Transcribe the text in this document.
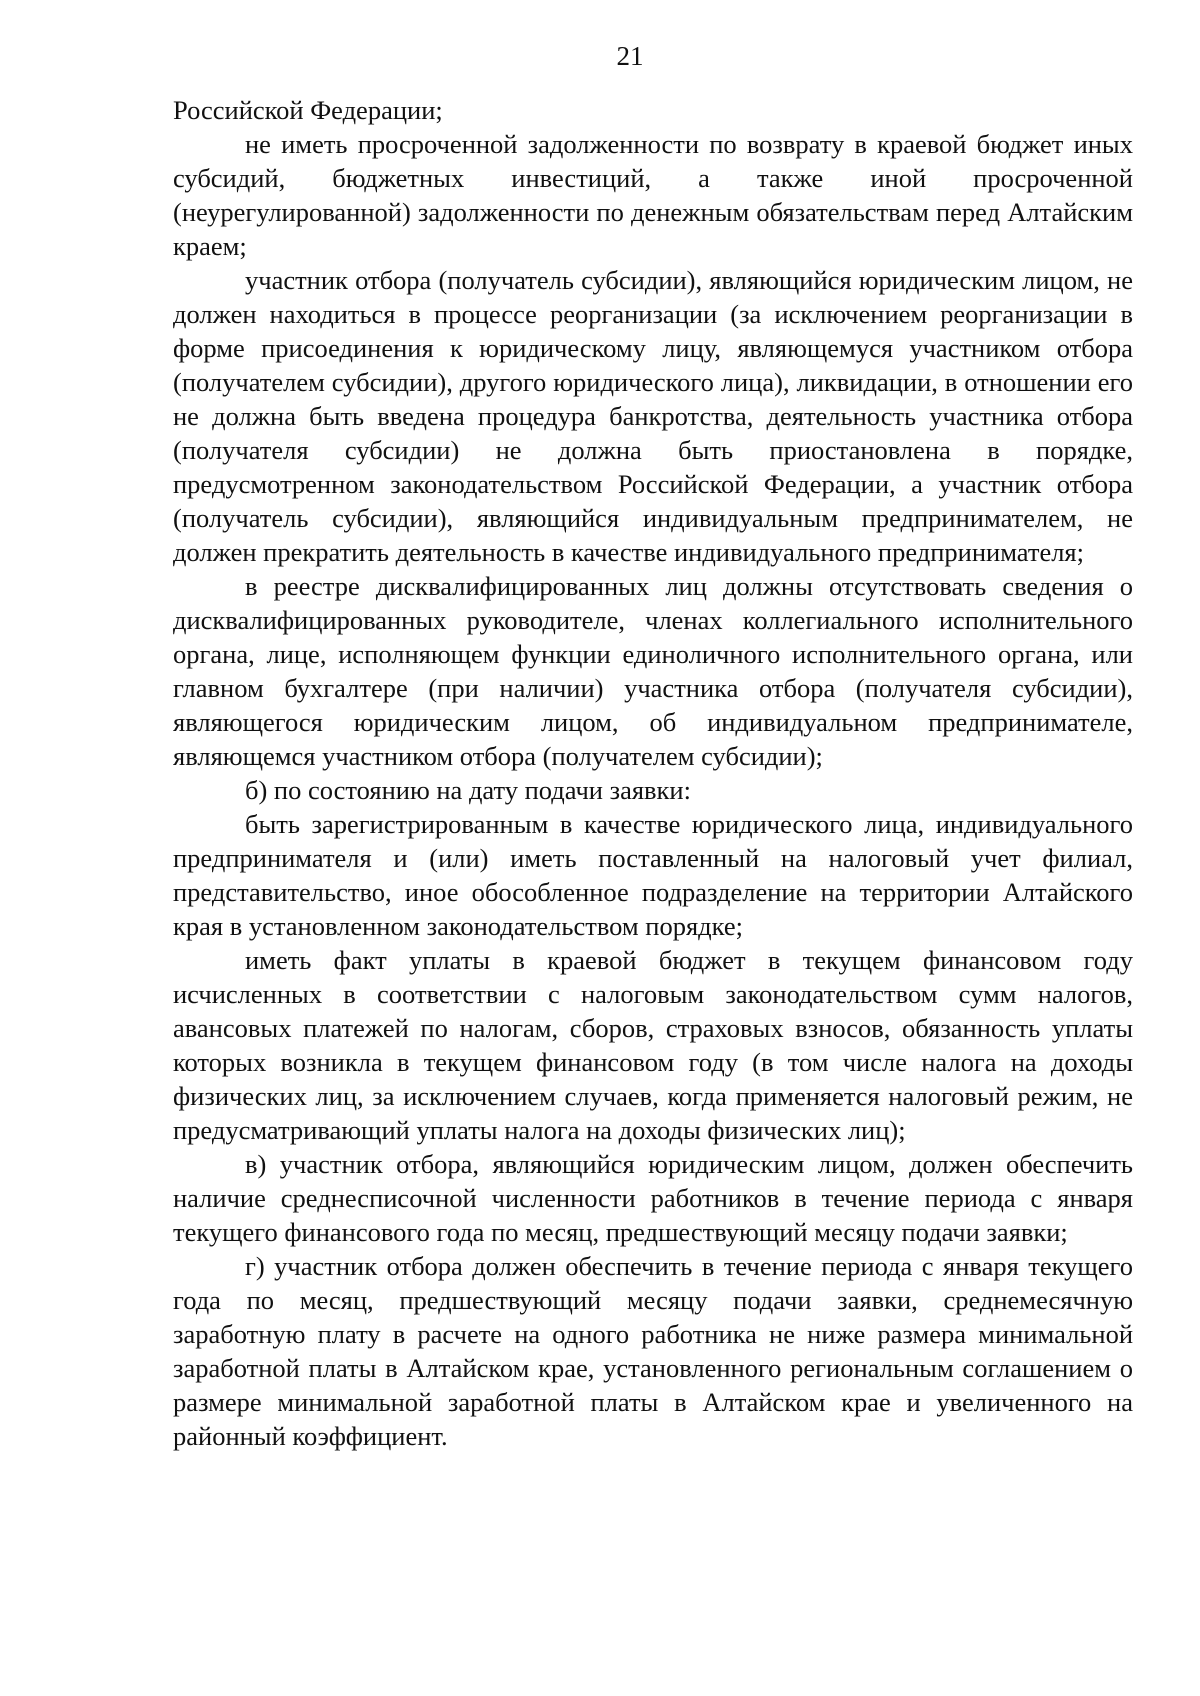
21

Российской Федерации;

не иметь просроченной задолженности по возврату в краевой бюджет иных субсидий, бюджетных инвестиций, а также иной просроченной (неурегулированной) задолженности по денежным обязательствам перед Алтайским краем;

участник отбора (получатель субсидии), являющийся юридическим лицом, не должен находиться в процессе реорганизации (за исключением реорганизации в форме присоединения к юридическому лицу, являющемуся участником отбора (получателем субсидии), другого юридического лица), ликвидации, в отношении его не должна быть введена процедура банкротства, деятельность участника отбора (получателя субсидии) не должна быть приостановлена в порядке, предусмотренном законодательством Российской Федерации, а участник отбора (получатель субсидии), являющийся индивидуальным предпринимателем, не должен прекратить деятельность в качестве индивидуального предпринимателя;

в реестре дисквалифицированных лиц должны отсутствовать сведения о дисквалифицированных руководителе, членах коллегиального исполнительного органа, лице, исполняющем функции единоличного исполнительного органа, или главном бухгалтере (при наличии) участника отбора (получателя субсидии), являющегося юридическим лицом, об индивидуальном предпринимателе, являющемся участником отбора (получателем субсидии);

б) по состоянию на дату подачи заявки:

быть зарегистрированным в качестве юридического лица, индивидуального предпринимателя и (или) иметь поставленный на налоговый учет филиал, представительство, иное обособленное подразделение на территории Алтайского края в установленном законодательством порядке;

иметь факт уплаты в краевой бюджет в текущем финансовом году исчисленных в соответствии с налоговым законодательством сумм налогов, авансовых платежей по налогам, сборов, страховых взносов, обязанность уплаты которых возникла в текущем финансовом году (в том числе налога на доходы физических лиц, за исключением случаев, когда применяется налоговый режим, не предусматривающий уплаты налога на доходы физических лиц);

в) участник отбора, являющийся юридическим лицом, должен обеспечить наличие среднесписочной численности работников в течение периода с января текущего финансового года по месяц, предшествующий месяцу подачи заявки;

г) участник отбора должен обеспечить в течение периода с января текущего года по месяц, предшествующий месяцу подачи заявки, среднемесячную заработную плату в расчете на одного работника не ниже размера минимальной заработной платы в Алтайском крае, установленного региональным соглашением о размере минимальной заработной платы в Алтайском крае и увеличенного на районный коэффициент.
